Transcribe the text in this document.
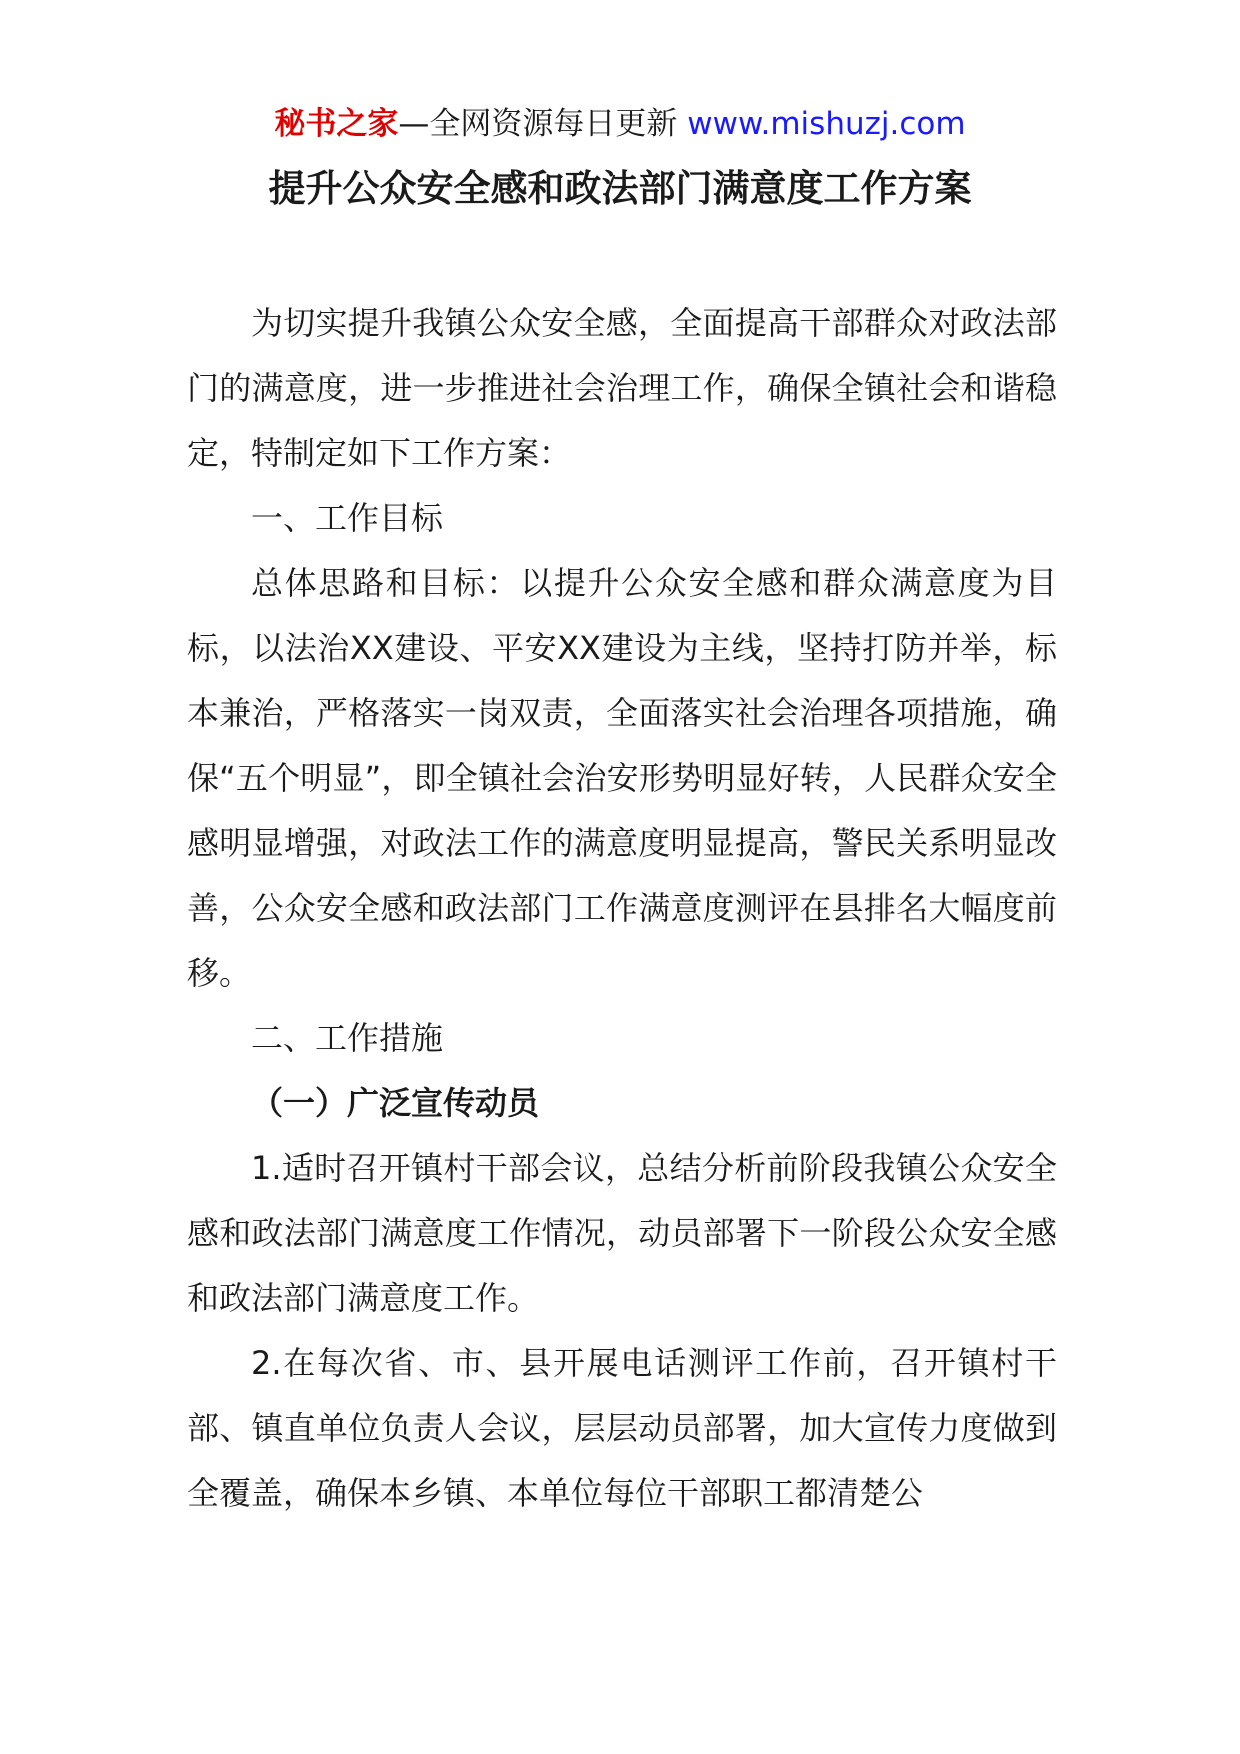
秘书之家—全网资源每日更新 www.mishuzj.com
提升公众安全感和政法部门满意度工作方案

为切实提升我镇公众安全感，全面提高干部群众对政法部门的满意度，进一步推进社会治理工作，确保全镇社会和谐稳定，特制定如下工作方案：

一、工作目标

总体思路和目标：以提升公众安全感和群众满意度为目标，以法治XX建设、平安XX建设为主线，坚持打防并举，标本兼治，严格落实一岗双责，全面落实社会治理各项措施，确保“五个明显”，即全镇社会治安形势明显好转，人民群众安全感明显增强，对政法工作的满意度明显提高，警民关系明显改善，公众安全感和政法部门工作满意度测评在县排名大幅度前移。

二、工作措施

（一）广泛宣传动员

1.适时召开镇村干部会议，总结分析前阶段我镇公众安全感和政法部门满意度工作情况，动员部署下一阶段公众安全感和政法部门满意度工作。

2.在每次省、市、县开展电话测评工作前，召开镇村干部、镇直单位负责人会议，层层动员部署，加大宣传力度做到全覆盖，确保本乡镇、本单位每位干部职工都清楚公
